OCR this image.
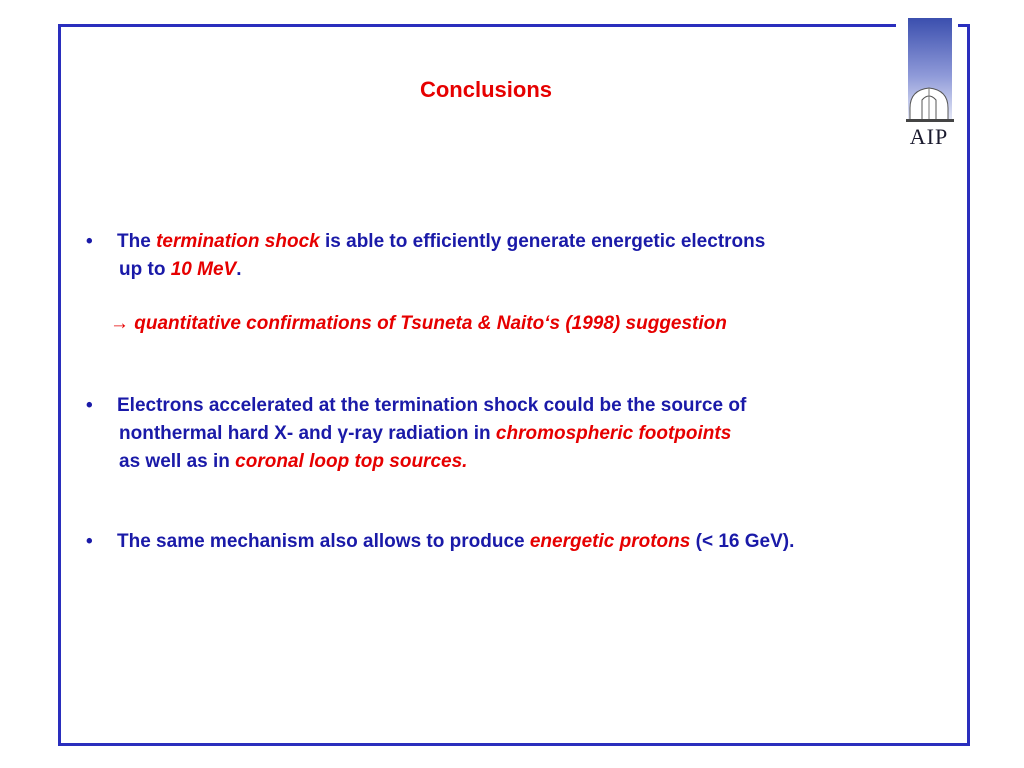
AIP
Conclusions
•	The termination shock is able to efficiently generate energetic electrons
up to 10 MeV.
→ quantitative confirmations of Tsuneta & Naito‘s (1998) suggestion
•	Electrons accelerated at the termination shock could be the source of
nonthermal hard X- and γ-ray radiation in chromospheric footpoints
as well as in coronal loop top sources.
•	The same mechanism also allows to produce energetic protons (< 16 GeV).
